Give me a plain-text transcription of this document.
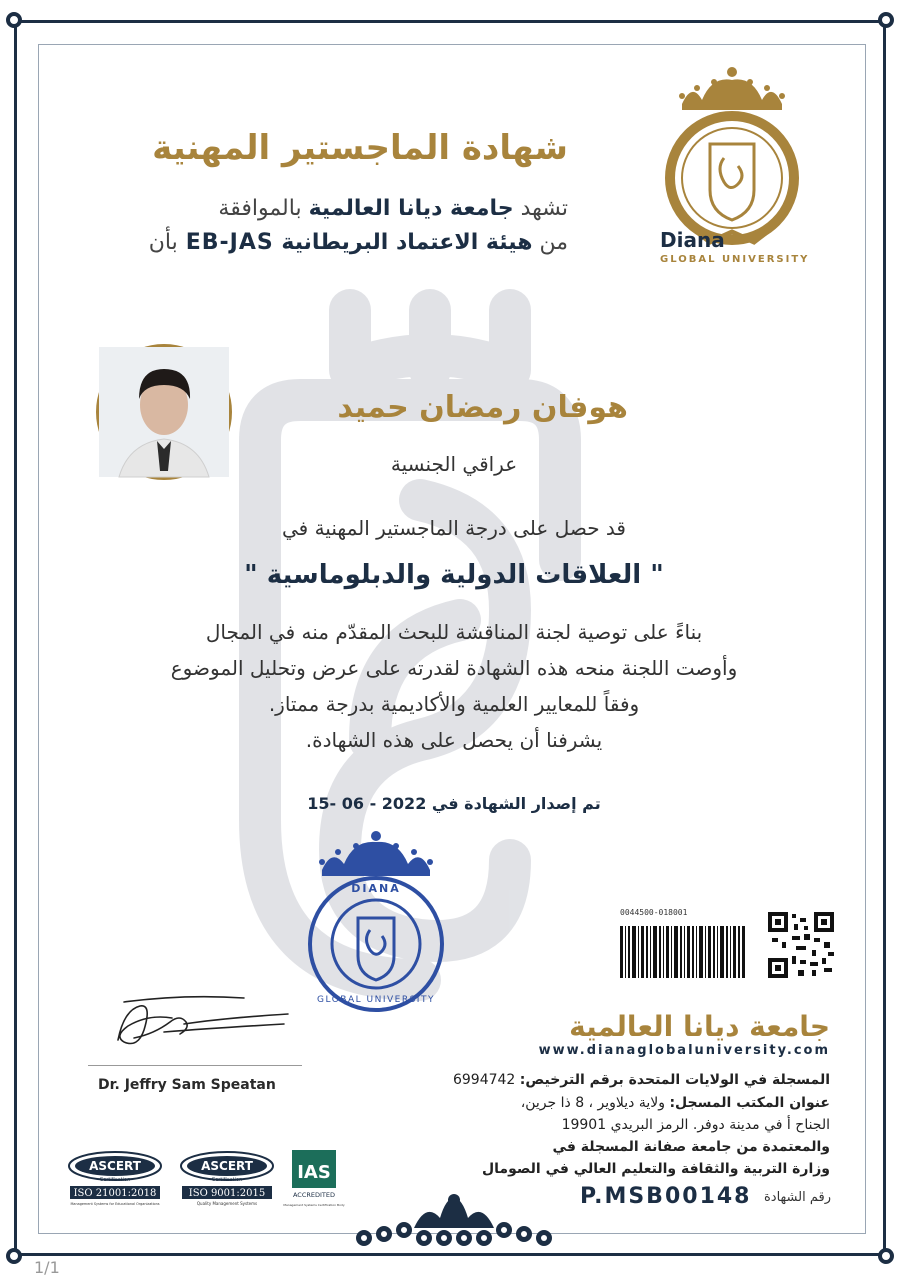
Diana
GLOBAL UNIVERSITY
شهادة الماجستير المهنية
تشهد جامعة ديانا العالمية بالموافقة
من هيئة الاعتماد البريطانية EB-JAS بأن
هوفان رمضان حميد
عراقي الجنسية
قد حصل على درجة الماجستير المهنية في
" العلاقات الدولية والدبلوماسية "
بناءً على توصية لجنة المناقشة للبحث المقدّم منه في المجال
وأوصت اللجنة منحه هذه الشهادة لقدرته على عرض وتحليل الموضوع
وفقاً للمعايير العلمية والأكاديمية بدرجة ممتاز.
يشرفنا أن يحصل على هذه الشهادة.
تم إصدار الشهادة في 15- 06 - 2022
DIANA
GLOBAL UNIVERSITY
0044500-018001
جامعة ديانا العالمية
www.dianaglobaluniversity.com
المسجلة في الولايات المتحدة برقم الترخيص: 6994742
عنوان المكتب المسجل: ولاية ديلاوير ، 8 ذا جرين،
الجناح أ في مدينة دوفر. الرمز البريدي 19901
والمعتمدة من جامعة صفانة المسجلة في
وزارة التربية والثقافة والتعليم العالي في الصومال
رقم الشهادة
P.MSB00148
Dr. Jeffry Sam Speatan
ASCERT
Certification
ISO 21001:2018
Management Systems for Educational Organizations
ASCERT
Certification
ISO 9001:2015
Quality Management Systems
IAS
ACCREDITED
Management Systems Certification Body
1/1
